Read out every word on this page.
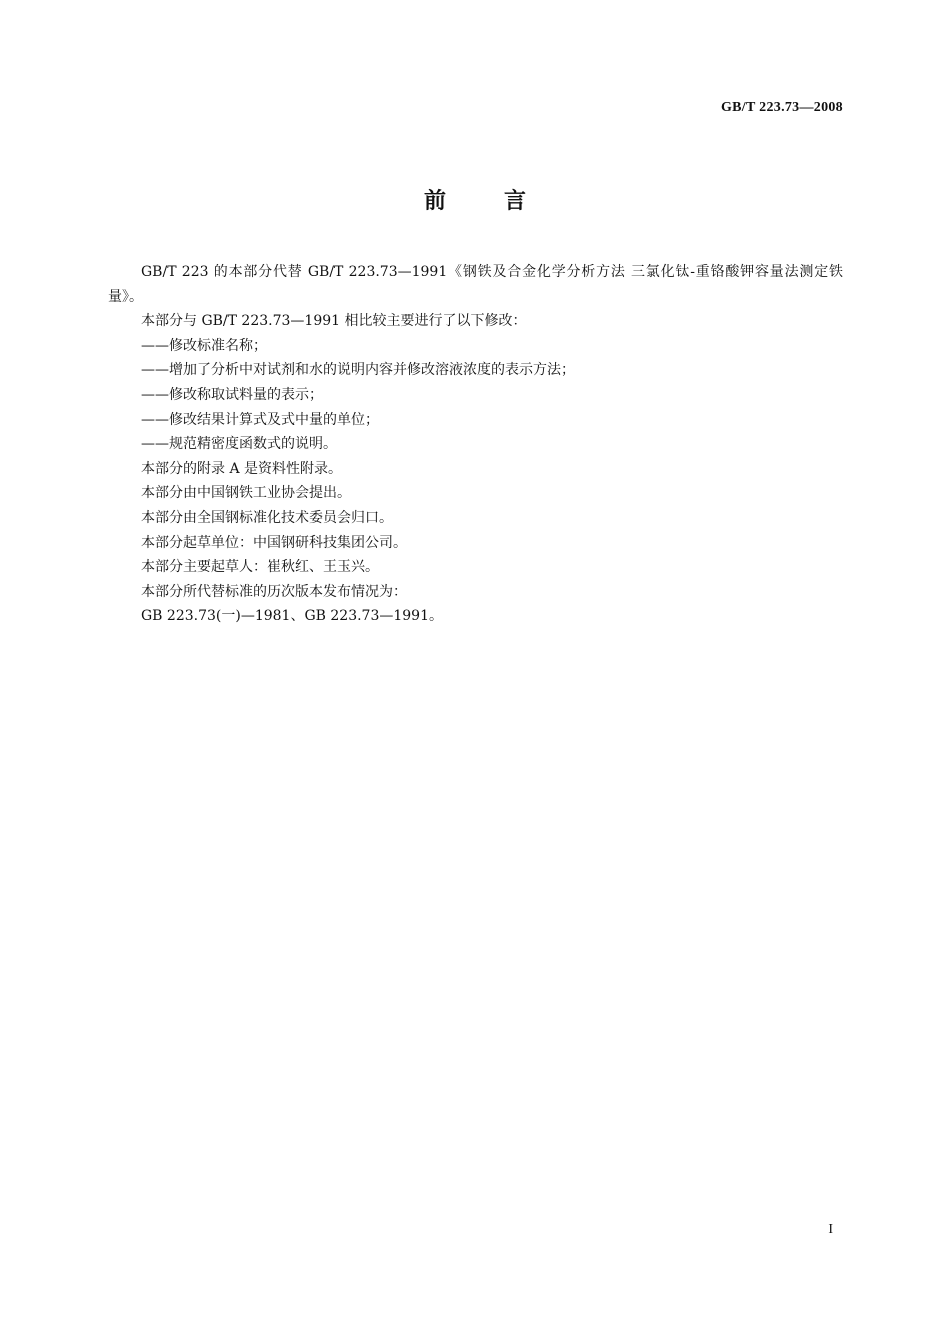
GB/T 223.73—2008
前言

GB/T 223 的本部分代替 GB/T 223.73—1991《钢铁及合金化学分析方法 三氯化钛-重铬酸钾容量法测定铁量》。

本部分与 GB/T 223.73—1991 相比较主要进行了以下修改：

——修改标准名称；

——增加了分析中对试剂和水的说明内容并修改溶液浓度的表示方法；

——修改称取试料量的表示；

——修改结果计算式及式中量的单位；

——规范精密度函数式的说明。

本部分的附录 A 是资料性附录。

本部分由中国钢铁工业协会提出。

本部分由全国钢标准化技术委员会归口。

本部分起草单位：中国钢研科技集团公司。

本部分主要起草人：崔秋红、王玉兴。

本部分所代替标准的历次版本发布情况为：

GB 223.73(一)—1981、GB 223.73—1991。

I
